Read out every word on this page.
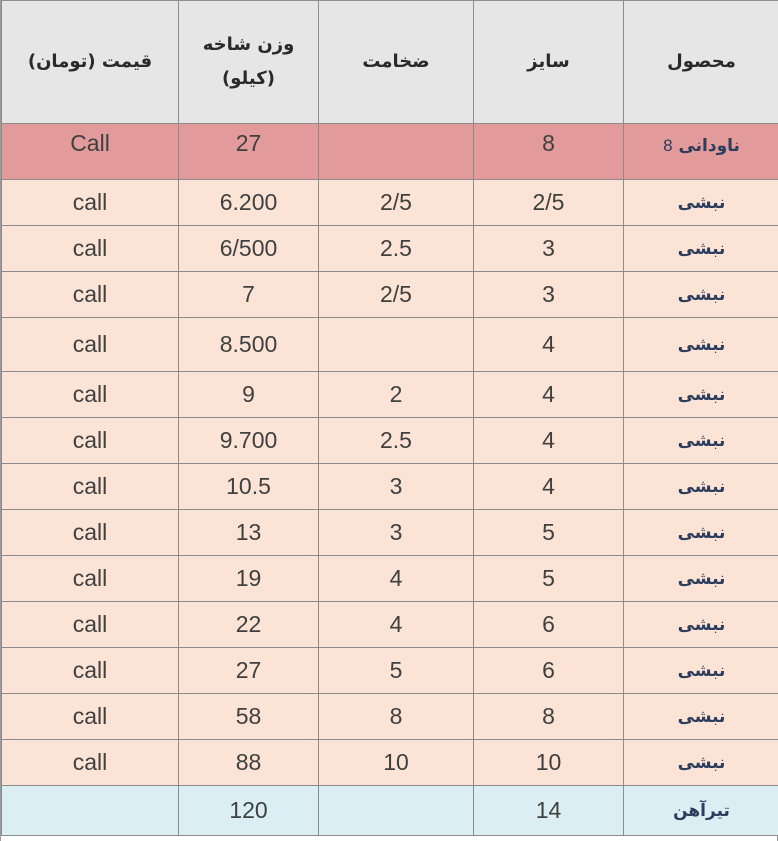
قیمت (تومان)	وزن شاخه
(کیلو)	ضخامت	سایز	محصول
Call	27		8	ناودانی 8
call	6.200	2/5	2/5	نبشی
call	6/500	2.5	3	نبشی
call	7	2/5	3	نبشی
call	8.500		4	نبشی
call	9	2	4	نبشی
call	9.700	2.5	4	نبشی
call	10.5	3	4	نبشی
call	13	3	5	نبشی
call	19	4	5	نبشی
call	22	4	6	نبشی
call	27	5	6	نبشی
call	58	8	8	نبشی
call	88	10	10	نبشی
	120		14	تیرآهن
